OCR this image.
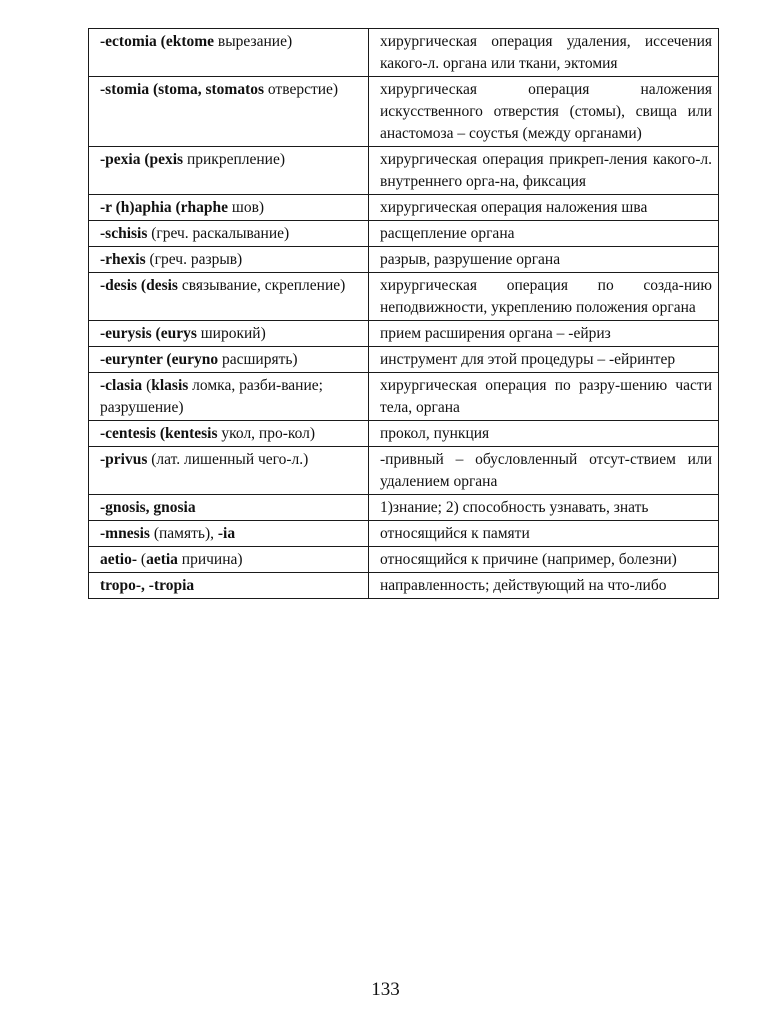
-ectomia (ektome вырезание)	хирургическая операция удаления, иссечения какого-л. органа или ткани, эктомия
-stomia (stoma, stomatos отверстие)	хирургическая операция наложения искусственного отверстия (стомы), свища или анастомоза – соустья (между органами)
-pexia (pexis прикрепление)	хирургическая операция прикреп-ления какого-л. внутреннего орга-на, фиксация
-r (h)aphia (rhaphe шов)	хирургическая операция наложения шва
-schisis (греч. раскалывание)	расщепление органа
-rhexis (греч. разрыв)	разрыв, разрушение органа
-desis (desis связывание, скрепление)	хирургическая операция по созда-нию неподвижности, укреплению положения органа
-eurysis (eurys широкий)	прием расширения органа – -ейриз
-eurynter (euryno расширять)	инструмент для этой процедуры – -ейринтер
-clasia (klasis ломка, разби-вание; разрушение)	хирургическая операция по разру-шению части тела, органа
-centesis (kentesis укол, про-кол)	прокол, пункция
-privus (лат. лишенный чего-л.)	-привный – обусловленный отсут-ствием или удалением органа
-gnosis, gnosia	1)знание; 2) способность узнавать, знать
-mnesis (память), -ia	относящийся к памяти
aetio- (aetia причина)	относящийся к причине (например, болезни)
tropo-, -tropia	направленность; действующий на что-либо
133
